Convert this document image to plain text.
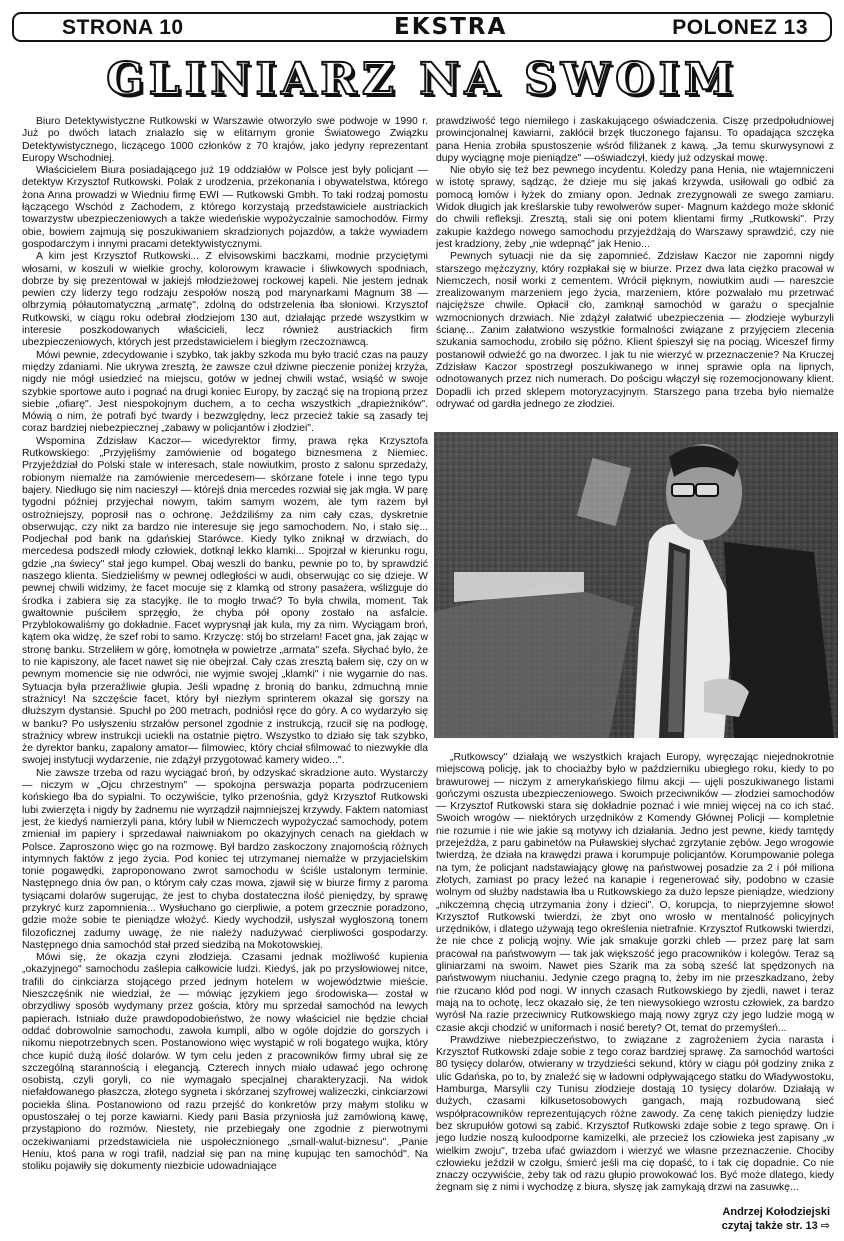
STRONA 10	EKSTRA	POLONEZ 13
GLINIARZ NA SWOIM

Biuro Detektywistyczne Rutkowski w Warszawie otworzyło swe podwoje w 1990 r. Już po dwóch latach znalazło się w elitarnym gronie Światowego Związku Detektywistycznego, liczącego 1000 członków z 70 krajów, jako jedyny reprezentant Europy Wschodniej.

Właścicielem Biura posiadającego już 19 oddziałów w Polsce jest były policjant — detektyw Krzysztof Rutkowski. Polak z urodzenia, przekonania i obywatelstwa, którego żona Anna prowadzi w Wiedniu firmę EWI — Rutkowski Gmbh. To taki rodzaj pomostu łączącego Wschód z Zachodem, z którego korzystają przedstawiciele austriackich towarzystw ubezpieczeniowych a także wiedeńskie wypożyczalnie samochodów. Firmy obie, bowiem zajmują się poszukiwaniem skradzionych pojazdów, a także wywiadem gospodarczym i innymi pracami detektywistycznymi.

A kim jest Krzysztof Rutkowski... Z elvisowskimi baczkami, modnie przyciętymi włosami, w koszuli w wielkie grochy, kolorowym krawacie i śliwkowych spodniach, dobrze by się prezentował w jakiejś młodzieżowej rockowej kapeli. Nie jestem jednak pewien czy liderzy tego rodzaju zespołów noszą pod marynarkami Magnum 38 — olbrzymią półautomatyczną „armatę", zdolną do odstrzelenia łba słoniowi. Krzysztof Rutkowski, w ciągu roku odebrał złodziejom 130 aut, działając przede wszystkim w interesie poszkodowanych właścicieli, lecz również austriackich firm ubezpieczeniowych, których jest przedstawicielem i biegłym rzeczoznawcą.

Mówi pewnie, zdecydowanie i szybko, tak jakby szkoda mu było tracić czas na pauzy między zdaniami. Nie ukrywa zresztą, że zawsze czuł dziwne pieczenie poniżej krzyża, nigdy nie mógł usiedzieć na miejscu, gotów w jednej chwili wstać, wsiąść w swoje szybkie sportowe auto i pognać na drugi koniec Europy, by zacząć się na tropioną przez siebie „ofiarę". Jest niespokojnym duchem, a to cecha wszystkich „drapieżników". Mówią o nim, że potrafi być twardy i bezwzględny, lecz przecież takie są zasady tej coraz bardziej niebezpiecznej „zabawy w policjantów i złodziei".

Wspomina Zdzisław Kaczor— wicedyrektor firmy, prawa ręka Krzysztofa Rutkowskiego: „Przyjęliśmy zamówienie od bogatego biznesmena z Niemiec. Przyjeździał do Polski stale w interesach, stale nowiutkim, prosto z salonu sprzedaży, robionym niemalże na zamówienie mercedesem— skórzane fotele i inne tego typu bajery. Niedługo się nim nacieszył — którejś dnia mercedes rozwiał się jak mgła. W parę tygodni później przyjechał nowym, takim samym wozem, ale tym razem był ostrożniejszy, poprosił nas o ochronę. Jeździliśmy za nim cały czas, dyskretnie obserwując, czy nikt za bardzo nie interesuje się jego samochodem. No, i stało się... Podjechał pod bank na gdańskiej Starówce. Kiedy tylko zniknął w drzwiach, do mercedesa podszedł młody człowiek, dotknął lekko klamki... Spojrzał w kierunku rogu, gdzie „na świecy" stał jego kumpel. Obaj weszli do banku, pewnie po to, by sprawdzić naszego klienta. Siedzieliśmy w pewnej odległości w audi, obserwując co się dzieje. W pewnej chwili widzimy, że facet mocuje się z klamką od strony pasażera, wślizguje do środka i zabiera się za stacyjkę. Ile to mogło trwać? To była chwila, moment. Tak gwałtownie puściłem sprzęgło, że chyba pół opony zostało na asfalcie. Przyblokowaliśmy go dokładnie. Facet wyprysnął jak kula, my za nim. Wyciągam broń, kątem oka widzę, że szef robi to samo. Krzyczę: stój bo strzelam! Facet gna, jak zając w stronę banku. Strzeliłem w górę, łomotnęła w powietrze „armata" szefa. Słychać było, że to nie kapiszony, ale facet nawet się nie obejrzał. Cały czas zresztą bałem się, czy on w pewnym momencie się nie odwróci, nie wyjmie swojej „klamki" i nie wygarnie do nas. Sytuacja była przeraźliwie głupia. Jeśli wpadnę z bronią do banku, zdmuchną mnie strażnicy! Na szczęście facet, który był niezłym sprinterem okazał się gorszy na dłuższym dystansie. Spuchł po 200 metrach, podniósł ręce do góry. A co wydarzyło się w banku? Po usłyszeniu strzałów personel zgodnie z instrukcją, rzucił się na podłogę, strażnicy wbrew instrukcji uciekli na ostatnie piętro. Wszystko to działo się tak szybko, że dyrektor banku, zapalony amator— filmowiec, który chciał sfilmować to niezwykłe dla swojej instytucji wydarzenie, nie zdążył przygotować kamery wideo...".

Nie zawsze trzeba od razu wyciągać broń, by odzyskać skradzione auto. Wystarczy — niczym w „Ojcu chrzestnym" — spokojna perswazja poparta podrzuceniem końskiego łba do sypialni. To oczywiście, tylko przenośnia, gdyż Krzysztof Rutkowski lubi zwierzęta i nigdy by żadnemu nie wyrządził najmniejszej krzywdy. Faktem natomiast jest, że kiedyś namierzyli pana, który lubił w Niemczech wypożyczać samochody, potem zmieniał im papiery i sprzedawał naiwniakom po okazyjnych cenach na giełdach w Polsce. Zaproszono więc go na rozmowę. Był bardzo zaskoczony znajomością różnych intymnych faktów z jego życia. Pod koniec tej utrzymanej niemalże w przyjacielskim tonie pogawędki, zaproponowano zwrot samochodu w ściśle ustalonym terminie. Następnego dnia ów pan, o którym cały czas mowa, zjawił się w biurze firmy z paroma tysiącami dolarów sugerując, że jest to chyba dostateczna ilość pieniędzy, by sprawę przykryć kurz zapomnienia... Wysłuchano go cierpliwie, a potem grzecznie poradzono, gdzie może sobie te pieniądze włożyć. Kiedy wychodził, usłyszał wygłoszoną tonem filozoficznej zadumy uwagę, że nie należy nadużywać cierpliwości gospodarzy. Następnego dnia samochód stał przed siedzibą na Mokotowskiej.

Mówi się, że okazja czyni złodzieja. Czasami jednak możliwość kupienia „okazyjnego" samochodu zaślepia całkowicie ludzi. Kiedyś, jak po przysłowiowej nitce, trafili do cinkciarza stojącego przed jednym hotelem w województwie mieście. Nieszczęśnik nie wiedział, że — mówiąc językiem jego środowiska— został w obrzydliwy sposób wydymany przez gościa, który mu sprzedał samochód na lewych papierach. Istniało duże prawdopodobieństwo, że nowy właściciel nie będzie chciał oddać dobrowolnie samochodu, zawoła kumpli, albo w ogóle dojdzie do gorszych i nikomu niepotrzebnych scen. Postanowiono więc wystąpić w roli bogatego wujka, który chce kupić dużą ilość dolarów. W tym celu jeden z pracowników firmy ubrał się ze szczególną starannością i elegancją. Czterech innych miało udawać jego ochronę osobistą, czyli goryli, co nie wymagało specjalnej charakteryzacji. Na widok niefałdowanego płaszcza, złotego sygneta i skórzanej szyfrowej walizeczki, cinkciarzowi pociekła ślina. Postanowiono od razu przejść do konkretów przy małym stoliku w opustoszałej o tej porze kawiarni. Kiedy pani Basia przyniosła już zamówioną kawę, przystąpiono do rozmów. Niestety, nie przebiegały one zgodnie z pierwotnymi oczekiwaniami przedstawiciela nie uspołecznionego „small-walut-biznesu". „Panie Heniu, ktoś pana w rogi trafił, nadział się pan na minę kupując ten samochód". Na stoliku pojawiły się dokumenty niezbicie udowadniające

prawdziwość tego niemiłego i zaskakującego oświadczenia. Ciszę przedpołudniowej prowincjonalnej kawiarni, zakłócił brzęk tłuczonego fajansu. To opadająca szczęka pana Henia zrobiła spustoszenie wśród filiżanek z kawą. „Ja temu skurwysynowi z dupy wyciągnę moje pieniądze" —oświadczył, kiedy już odzyskał mowę.

Nie obyło się też bez pewnego incydentu. Koledzy pana Henia, nie wtajemniczeni w istotę sprawy, sądząc, że dzieje mu się jakaś krzywda, usiłowali go odbić za pomocą łomów i łyżek do zmiany opon. Jednak zrezygnowali ze swego zamiaru. Widok długich jak kreślarskie tuby rewolwerów super- Magnum każdego może skłonić do chwili refleksji. Zresztą, stali się oni potem klientami firmy „Rutkowski". Przy zakupie każdego nowego samochodu przyjeżdżają do Warszawy sprawdzić, czy nie jest kradziony, żeby „nie wdepnąć" jak Henio...

Pewnych sytuacji nie da się zapomnieć. Zdzisław Kaczor nie zapomni nigdy starszego mężczyzny, który rozpłakał się w biurze. Przez dwa lata ciężko pracował w Niemczech, nosił worki z cementem. Wrócił pięknym, nowiutkim audi — nareszcie zrealizowanym marzeniem jego życia, marzeniem, które pozwalało mu przetrwać najcięższe chwile. Opłacił cło, zamknął samochód w garażu o specjalnie wzmocnionych drzwiach. Nie zdążył załatwić ubezpieczenia — złodzieje wyburzyli ścianę... Zanim załatwiono wszystkie formalności związane z przyjęciem zlecenia szukania samochodu, zrobiło się późno. Klient śpieszył się na pociąg. Wiceszef firmy postanowił odwieźć go na dworzec. I jak tu nie wierzyć w przeznaczenie? Na Kruczej Zdzisław Kaczor spostrzegł poszukiwanego w innej sprawie opla na lipnych, odnotowanych przez nich numerach. Do pościgu włączył się rozemocjonowany klient. Dopadli ich przed sklepem motoryzacyjnym. Starszego pana trzeba było niemalże odrywać od gardła jednego ze złodziei.

„Rutkowscy" działają we wszystkich krajach Europy, wyręczając niejednokrotnie miejscową policję, jak to chociażby było w październiku ubiegłego roku, kiedy to po brawurowej — niczym z amerykańskiego filmu akcji — ujęli poszukiwanego listami gończymi oszusta ubezpieczeniowego. Swoich przeciwników — złodziei samochodów — Krzysztof Rutkowski stara się dokładnie poznać i wie mniej więcej na co ich stać. Swoich wrogów — niektórych urzędników z Komendy Głównej Policji — kompletnie nie rozumie i nie wie jakie są motywy ich działania. Jedno jest pewne, kiedy tamtędy przejeżdża, z paru gabinetów na Puławskiej słychać zgrzytanie zębów. Jego wrogowie twierdzą, że działa na krawędzi prawa i korumpuje policjantów. Korumpowanie polega na tym, że policjant nadstawiający głowę na państwowej posadzie za 2 i pół miliona złotych, zamiast po pracy leżeć na kanapie i regenerować siły, podobno w czasie wolnym od służby nadstawia łba u Rutkowskiego za dużo lepsze pieniądze, wiedziony „nikczemną chęcią utrzymania żony i dzieci". O, korupcja, to nieprzyjemne słowo! Krzysztof Rutkowski twierdzi, że zbyt ono wrosło w mentalność policyjnych urzędników, i dlatego używają tego określenia nietrafnie. Krzysztof Rutkowski twierdzi, że nie chce z policją wojny. Wie jak smakuje gorzki chleb — przez parę lat sam pracował na państwowym — tak jak większość jego pracowników i kolegów. Teraz są gliniarzami na swoim. Nawet pies Szarik ma za sobą sześć lat spędzonych na państwowym niuchaniu. Jedynie czego pragną to, żeby im nie przeszkadzano, żeby nie rzucano kłód pod nogi. W innych czasach Rutkowskiego by zjedli, nawet i teraz mają na to ochotę, lecz okazało się, że ten niewysokiego wzrostu człowiek, za bardzo wyrósł Na razie przeciwnicy Rutkowskiego mają nowy zgryz czy jego ludzie mogą w czasie akcji chodzić w uniformach i nosić berety? Ot, temat do przemyśleń...

Prawdziwe niebezpieczeństwo, to związane z zagrożeniem życia narasta i Krzysztof Rutkowski zdaje sobie z tego coraz bardziej sprawę. Za samochód wartości 80 tysięcy dolarów, otwierany w trzydzieści sekund, który w ciągu pół godziny znika z ulic Gdańska, po to, by znaleźć się w ładowni odpływającego statku do Władywostoku, Hamburga, Marsylii czy Tunisu złodzieje dostają 10 tysięcy dolarów. Działają w dużych, czasami kilkusetosobowych gangach, mają rozbudowaną sieć współpracowników reprezentujących różne zawody. Za cenę takich pieniędzy ludzie bez skrupułów gotowi są zabić. Krzysztof Rutkowski zdaje sobie z tego sprawę. On i jego ludzie noszą kuloodporne kamizelki, ale przecież los człowieka jest zapisany „w wielkim zwoju", trzeba ufać gwiazdom i wierzyć we własne przeznaczenie. Chociby człowieku jeździł w czołgu, śmierć jeśli ma cię dopaść, to i tak cię dopadnie. Co nie znaczy oczywiście, żeby tak od razu głupio prowokować los. Być może dlatego, kiedy żegnam się z nimi i wychodzę z biura, słyszę jak zamykają drzwi na zasuwkę...

Andrzej Kołodziejski
czytaj także str. 13 ⇨
